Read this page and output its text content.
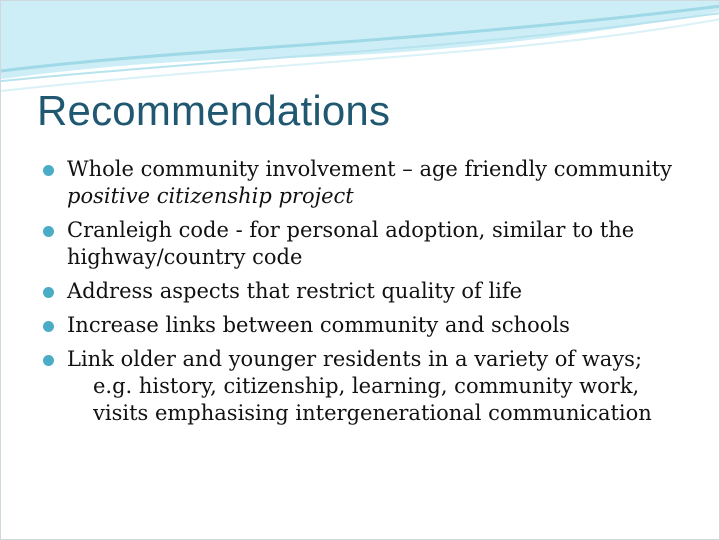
Recommendations
Whole community involvement – age friendly community positive citizenship project
Cranleigh code - for personal adoption, similar to the highway/country code
Address aspects that restrict quality of life
Increase links between community and schools
Link older and younger residents in a variety of ways;
e.g. history, citizenship, learning, community work, visits emphasising intergenerational communication
